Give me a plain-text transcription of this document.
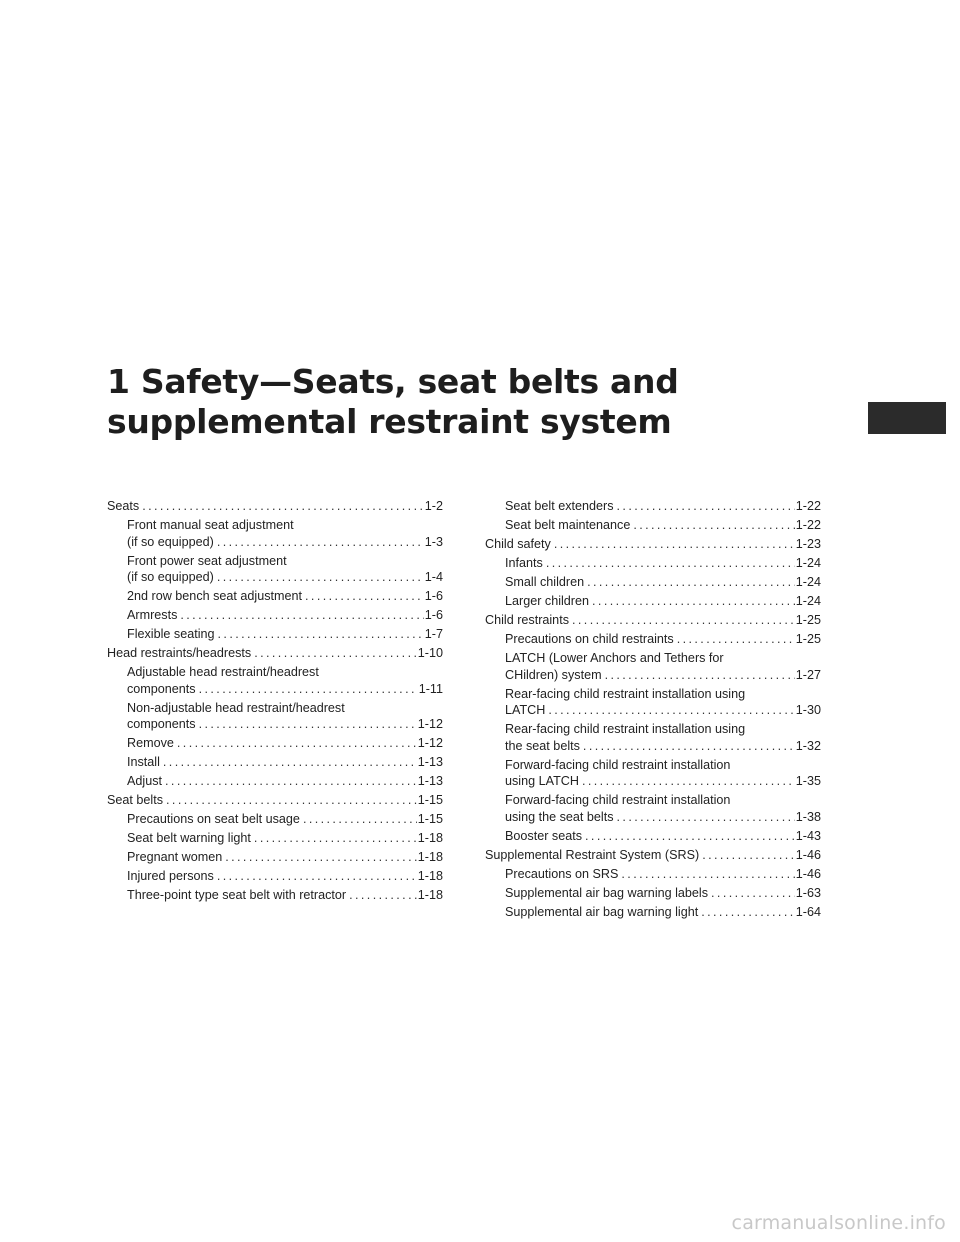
1 Safety—Seats, seat belts and
supplemental restraint system
Seats .....	1-2
Front manual seat adjustment
(if so equipped) .....	1-3
Front power seat adjustment
(if so equipped) .....	1-4
2nd row bench seat adjustment .....	1-6
Armrests .....	1-6
Flexible seating .....	1-7
Head restraints/headrests .....	1-10
Adjustable head restraint/headrest
components .....	1-11
Non-adjustable head restraint/headrest
components .....	1-12
Remove .....	1-12
Install .....	1-13
Adjust .....	1-13
Seat belts .....	1-15
Precautions on seat belt usage .....	1-15
Seat belt warning light .....	1-18
Pregnant women .....	1-18
Injured persons .....	1-18
Three-point type seat belt with retractor .....	1-18
Seat belt extenders .....	1-22
Seat belt maintenance .....	1-22
Child safety .....	1-23
Infants .....	1-24
Small children .....	1-24
Larger children .....	1-24
Child restraints .....	1-25
Precautions on child restraints .....	1-25
LATCH (Lower Anchors and Tethers for
CHildren) system .....	1-27
Rear-facing child restraint installation using
LATCH .....	1-30
Rear-facing child restraint installation using
the seat belts .....	1-32
Forward-facing child restraint installation
using LATCH .....	1-35
Forward-facing child restraint installation
using the seat belts .....	1-38
Booster seats .....	1-43
Supplemental Restraint System (SRS) .....	1-46
Precautions on SRS .....	1-46
Supplemental air bag warning labels .....	1-63
Supplemental air bag warning light .....	1-64
carmanualsonline.info
